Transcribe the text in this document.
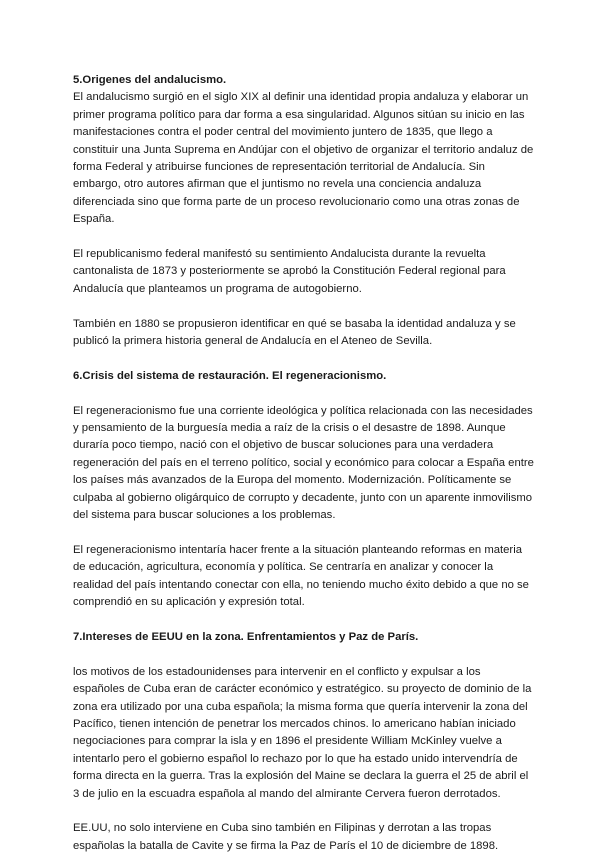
5.Origenes del andalucismo.

El andalucismo surgió en el siglo XIX al definir una identidad propia andaluza y elaborar un primer programa político para dar forma a esa singularidad. Algunos sitúan su inicio en las manifestaciones contra el poder central del movimiento juntero de 1835, que llego a constituir una Junta Suprema en Andújar con el objetivo de organizar el territorio andaluz de forma Federal y atribuirse funciones de representación territorial de Andalucía. Sin embargo, otro autores afirman que el juntismo no revela una conciencia andaluza diferenciada sino que forma parte de un proceso revolucionario como una otras zonas de España.

El republicanismo federal manifestó su sentimiento Andalucista durante la revuelta cantonalista de 1873 y posteriormente se aprobó la Constitución Federal regional para Andalucía que planteamos un programa de autogobierno.

También en 1880 se propusieron identificar en qué se basaba la identidad andaluza y se publicó la primera historia general de Andalucía en el Ateneo de Sevilla.

6.Crisis del sistema de restauración. El regeneracionismo.

El regeneracionismo fue una corriente ideológica y política relacionada con las necesidades y pensamiento de la burguesía media a raíz de la crisis o el desastre de 1898. Aunque duraría poco tiempo, nació con el objetivo de buscar soluciones para una verdadera regeneración del país en el terreno político, social y económico para colocar a España entre los países más avanzados de la Europa del momento. Modernización. Políticamente se culpaba al gobierno oligárquico de corrupto y decadente, junto con un aparente inmovilismo del sistema para buscar soluciones a los problemas.

El regeneracionismo intentaría hacer frente a la situación planteando reformas en materia de educación, agricultura, economía y política. Se centraría en analizar y conocer la realidad del país intentando conectar con ella, no teniendo mucho éxito debido a que no se comprendió en su aplicación y expresión total.

7.Intereses de EEUU en la zona. Enfrentamientos y Paz de París.

los motivos de los estadounidenses para intervenir en el conflicto y expulsar a los españoles de Cuba eran de carácter económico y estratégico. su proyecto de dominio de la zona era utilizado por una cuba española; la misma forma que quería intervenir la zona del Pacífico, tienen intención de penetrar los mercados chinos. lo americano habían iniciado negociaciones para comprar la isla y en 1896 el presidente William McKinley vuelve a intentarlo pero el gobierno español lo rechazo por lo que ha estado unido intervendría de forma directa en la guerra. Tras la explosión del Maine se declara la guerra el 25 de abril el 3 de julio en la escuadra española al mando del almirante Cervera fueron derrotados.

EE.UU, no solo interviene en Cuba sino también en Filipinas y derrotan a las tropas españolas la batalla de Cavite y se firma la Paz de París el 10 de diciembre de 1898.
